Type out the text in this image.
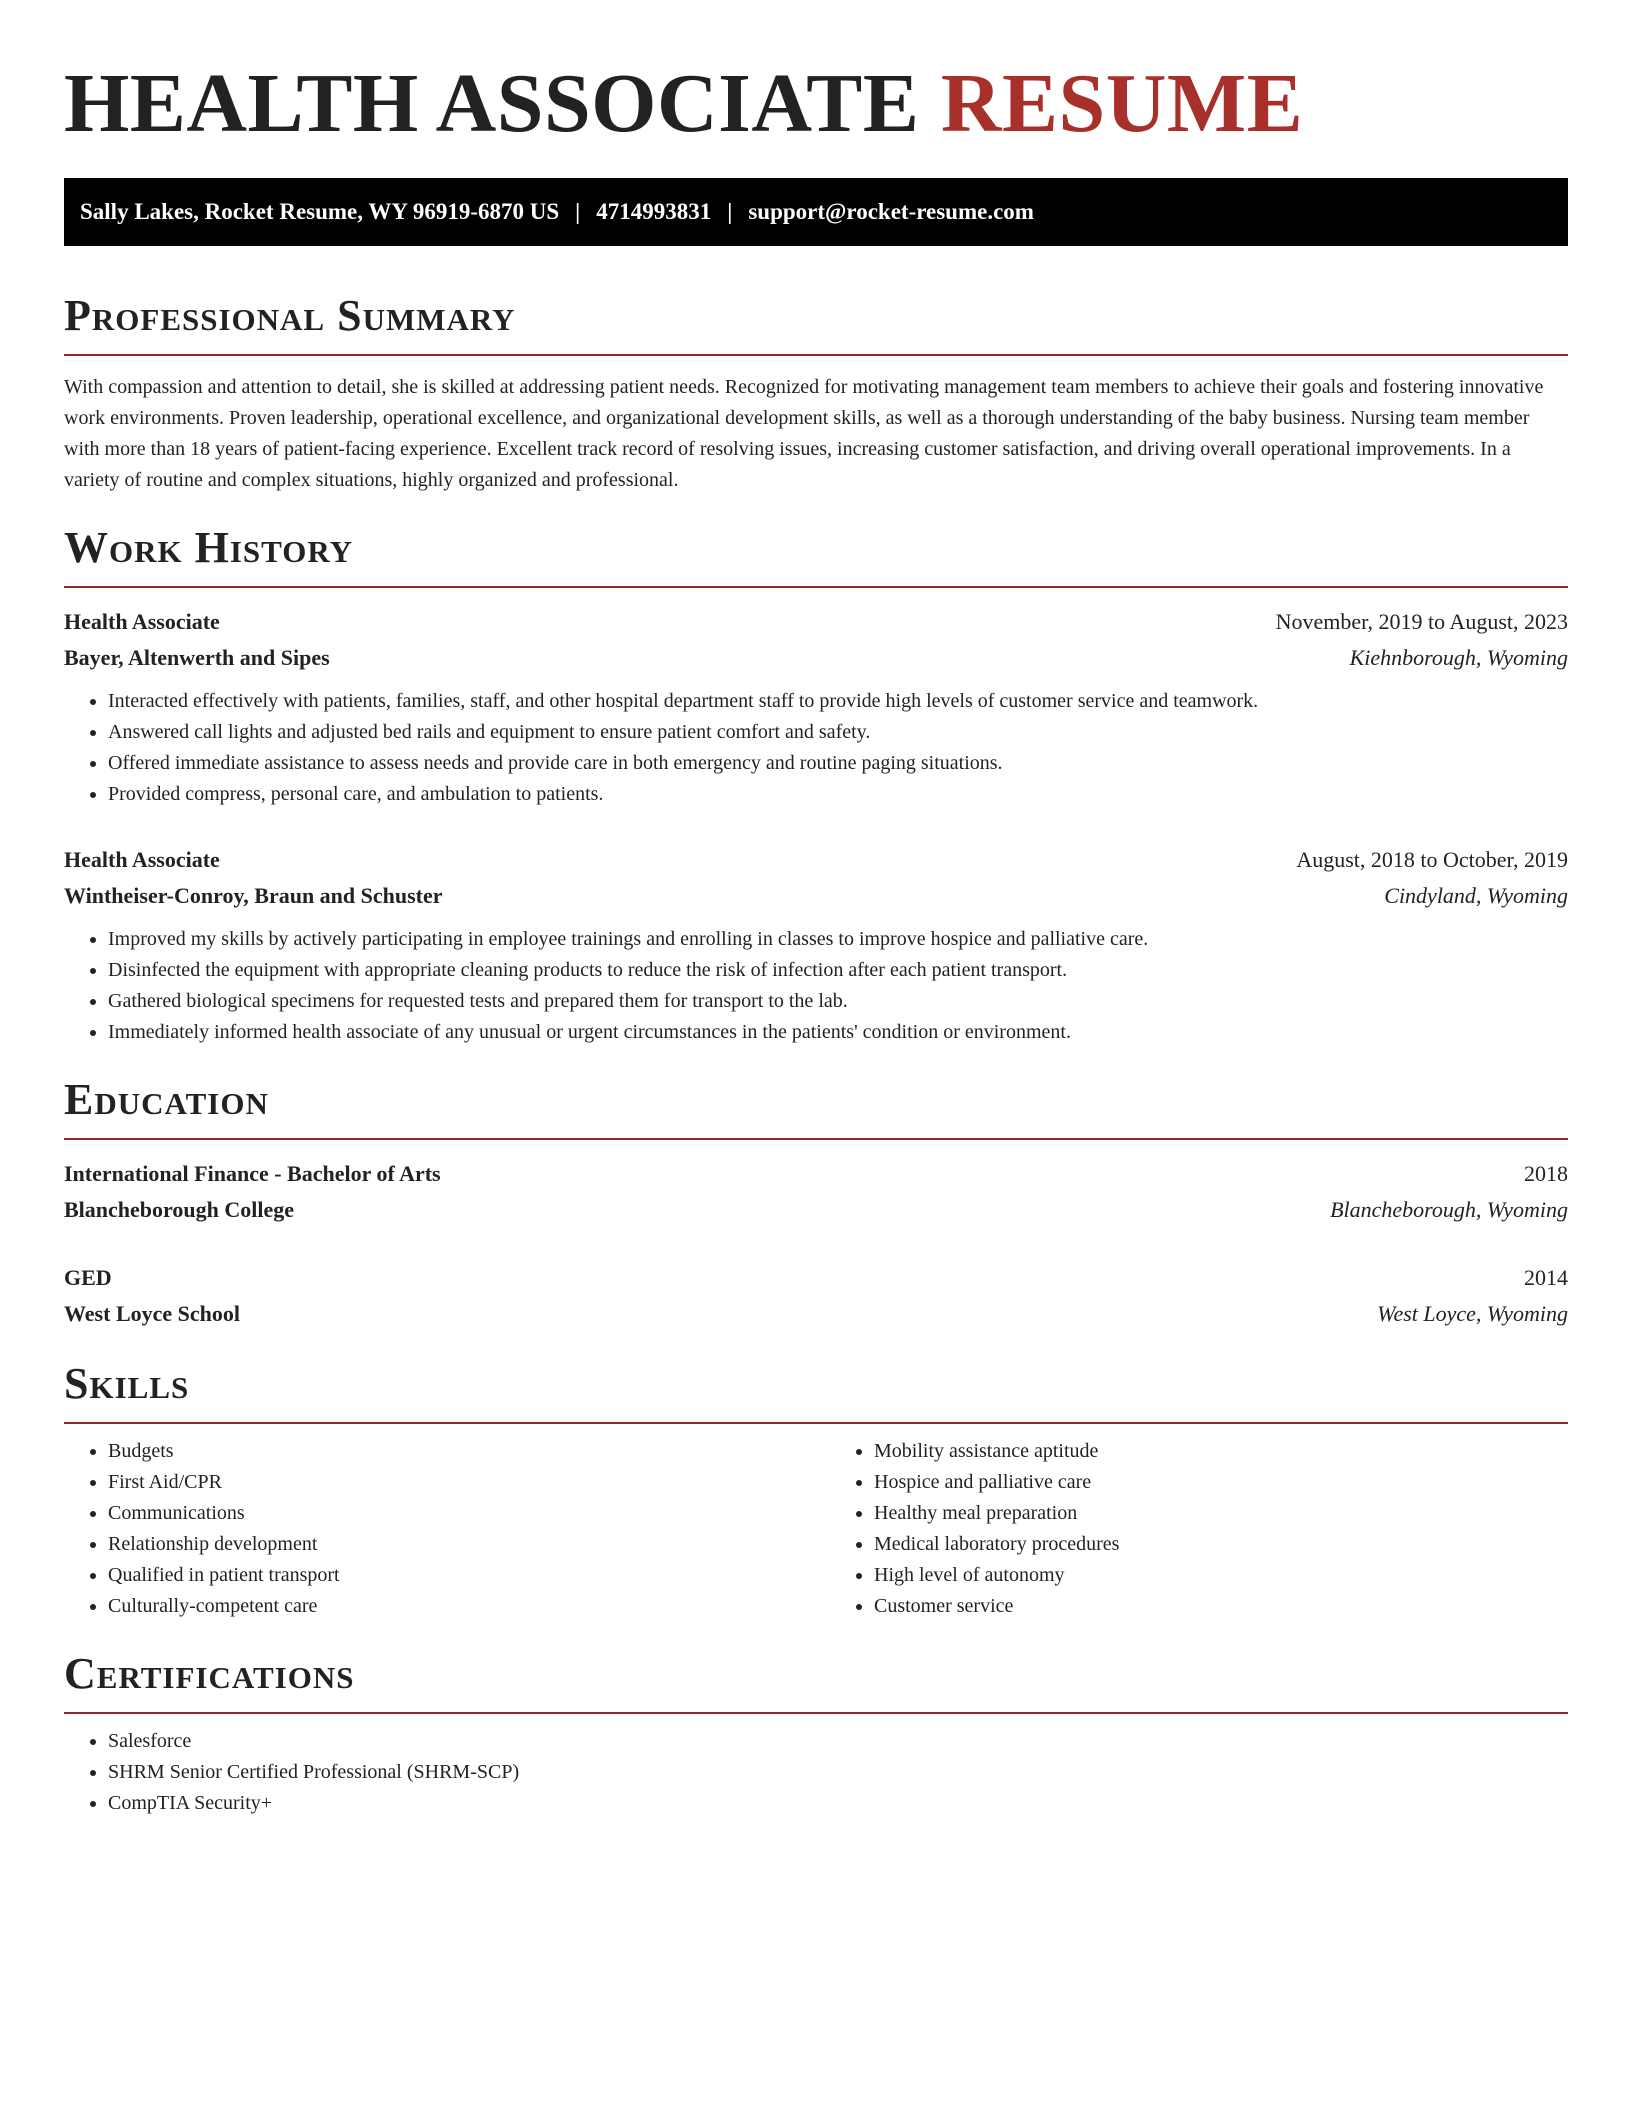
HEALTH ASSOCIATE RESUME
Sally Lakes, Rocket Resume, WY 96919-6870 US | 4714993831 | support@rocket-resume.com
Professional Summary

With compassion and attention to detail, she is skilled at addressing patient needs. Recognized for motivating management team members to achieve their goals and fostering innovative work environments. Proven leadership, operational excellence, and organizational development skills, as well as a thorough understanding of the baby business. Nursing team member with more than 18 years of patient-facing experience. Excellent track record of resolving issues, increasing customer satisfaction, and driving overall operational improvements. In a variety of routine and complex situations, highly organized and professional.

Work History
Health Associate	November, 2019 to August, 2023
Bayer, Altenwerth and Sipes	Kiehnborough, Wyoming
• Interacted effectively with patients, families, staff, and other hospital department staff to provide high levels of customer service and teamwork.
• Answered call lights and adjusted bed rails and equipment to ensure patient comfort and safety.
• Offered immediate assistance to assess needs and provide care in both emergency and routine paging situations.
• Provided compress, personal care, and ambulation to patients.
Health Associate	August, 2018 to October, 2019
Wintheiser-Conroy, Braun and Schuster	Cindyland, Wyoming
• Improved my skills by actively participating in employee trainings and enrolling in classes to improve hospice and palliative care.
• Disinfected the equipment with appropriate cleaning products to reduce the risk of infection after each patient transport.
• Gathered biological specimens for requested tests and prepared them for transport to the lab.
• Immediately informed health associate of any unusual or urgent circumstances in the patients' condition or environment.
Education
International Finance - Bachelor of Arts	2018
Blancheborough College	Blancheborough, Wyoming
GED	2014
West Loyce School	West Loyce, Wyoming
Skills
• Budgets
• First Aid/CPR
• Communications
• Relationship development
• Qualified in patient transport
• Culturally-competent care
• Mobility assistance aptitude
• Hospice and palliative care
• Healthy meal preparation
• Medical laboratory procedures
• High level of autonomy
• Customer service
Certifications
• Salesforce
• SHRM Senior Certified Professional (SHRM-SCP)
• CompTIA Security+
